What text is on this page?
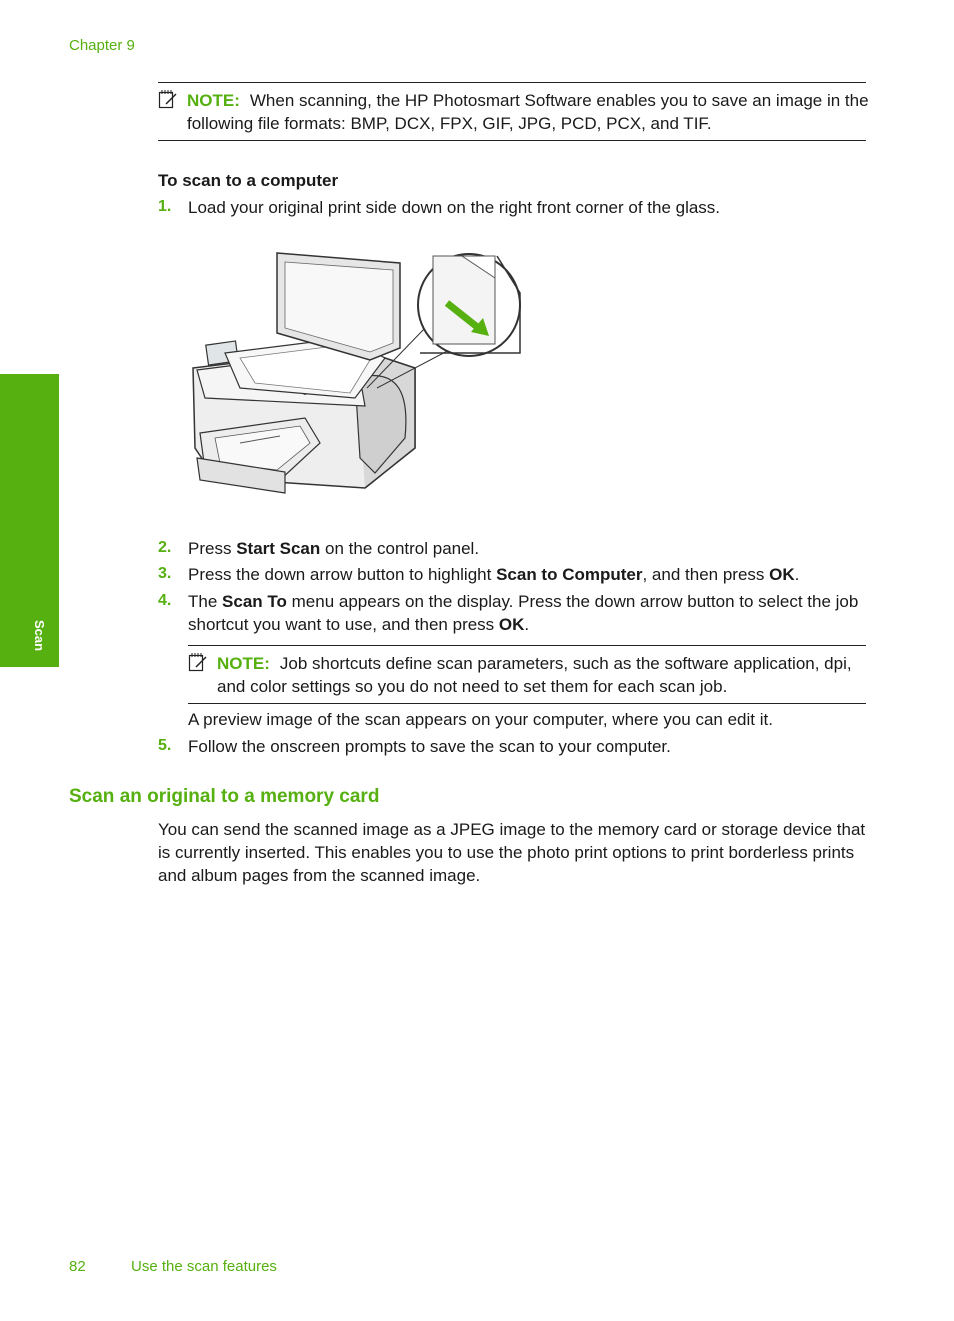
Chapter 9
Scan
NOTE: When scanning, the HP Photosmart Software enables you to save an image in the following file formats: BMP, DCX, FPX, GIF, JPG, PCD, PCX, and TIF.
To scan to a computer
1. Load your original print side down on the right front corner of the glass.
2. Press Start Scan on the control panel.
3. Press the down arrow button to highlight Scan to Computer, and then press OK.
4. The Scan To menu appears on the display. Press the down arrow button to select the job shortcut you want to use, and then press OK.
NOTE: Job shortcuts define scan parameters, such as the software application, dpi, and color settings so you do not need to set them for each scan job.
A preview image of the scan appears on your computer, where you can edit it.
5. Follow the onscreen prompts to save the scan to your computer.
Scan an original to a memory card
You can send the scanned image as a JPEG image to the memory card or storage device that is currently inserted. This enables you to use the photo print options to print borderless prints and album pages from the scanned image.
82	Use the scan features
